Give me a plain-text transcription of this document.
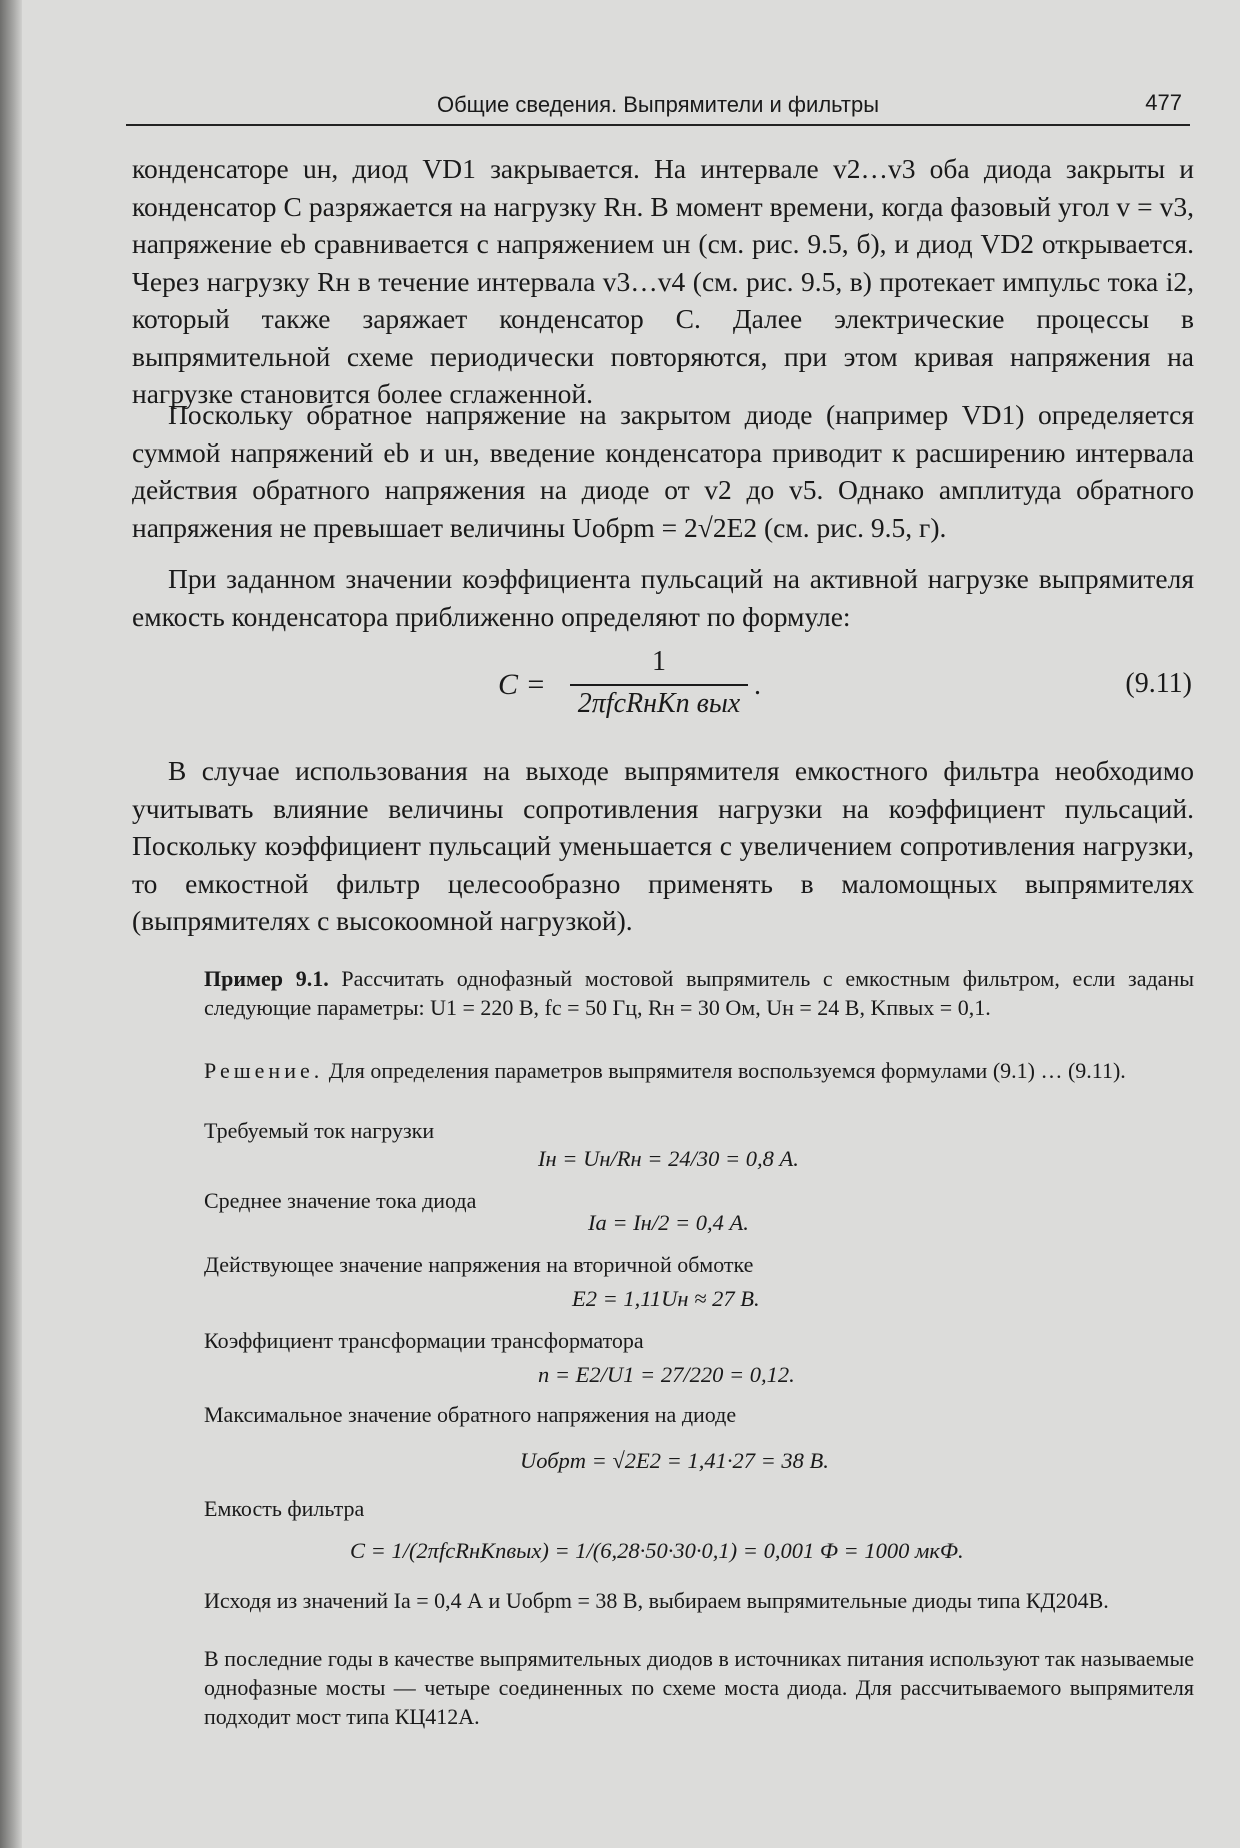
Общие сведения. Выпрямители и фильтры	477

конденсаторе uн, диод VD1 закрывается. На интервале v2…v3 оба диода закрыты и конденсатор C разряжается на нагрузку Rн. В момент времени, когда фазовый угол v = v3, напряжение eb сравнивается с напряжением uн (см. рис. 9.5, б), и диод VD2 открывается. Через нагрузку Rн в течение интервала v3…v4 (см. рис. 9.5, в) протекает импульс тока i2, который также заряжает конденсатор C. Далее электрические процессы в выпрямительной схеме периодически повторяются, при этом кривая напряжения на нагрузке становится более сглаженной.

Поскольку обратное напряжение на закрытом диоде (например VD1) определяется суммой напряжений eb и uн, введение конденсатора приводит к расширению интервала действия обратного напряжения на диоде от v2 до v5. Однако амплитуда обратного напряжения не превышает величины Uобрm = 2√2E2 (см. рис. 9.5, г).

При заданном значении коэффициента пульсаций на активной нагрузке выпрямителя емкость конденсатора приближенно определяют по формуле:

C =
1
2πfсRнKп вых
.	(9.11)

В случае использования на выходе выпрямителя емкостного фильтра необходимо учитывать влияние величины сопротивления нагрузки на коэффициент пульсаций. Поскольку коэффициент пульсаций уменьшается с увеличением сопротивления нагрузки, то емкостной фильтр целесообразно применять в маломощных выпрямителях (выпрямителях с высокоомной нагрузкой).

Пример 9.1. Рассчитать однофазный мостовой выпрямитель с емкостным фильтром, если заданы следующие параметры: U1 = 220 В, fc = 50 Гц, Rн = 30 Ом, Uн = 24 В, Kпвых = 0,1.

Решение. Для определения параметров выпрямителя воспользуемся формулами (9.1) … (9.11).

Требуемый ток нагрузки

Iн = Uн/Rн = 24/30 = 0,8 А.

Среднее значение тока диода

Ia = Iн/2 = 0,4 А.

Действующее значение напряжения на вторичной обмотке

E2 = 1,11Uн ≈ 27 В.

Коэффициент трансформации трансформатора

n = E2/U1 = 27/220 = 0,12.

Максимальное значение обратного напряжения на диоде

Uобрm = √2E2 = 1,41·27 = 38 В.

Емкость фильтра

C = 1/(2πfсRнKпвых) = 1/(6,28·50·30·0,1) = 0,001 Ф = 1000 мкФ.

Исходя из значений Ia = 0,4 А и Uобрm = 38 В, выбираем выпрямительные диоды типа КД204В.

В последние годы в качестве выпрямительных диодов в источниках питания используют так называемые однофазные мосты — четыре соединенных по схеме моста диода. Для рассчитываемого выпрямителя подходит мост типа КЦ412А.
